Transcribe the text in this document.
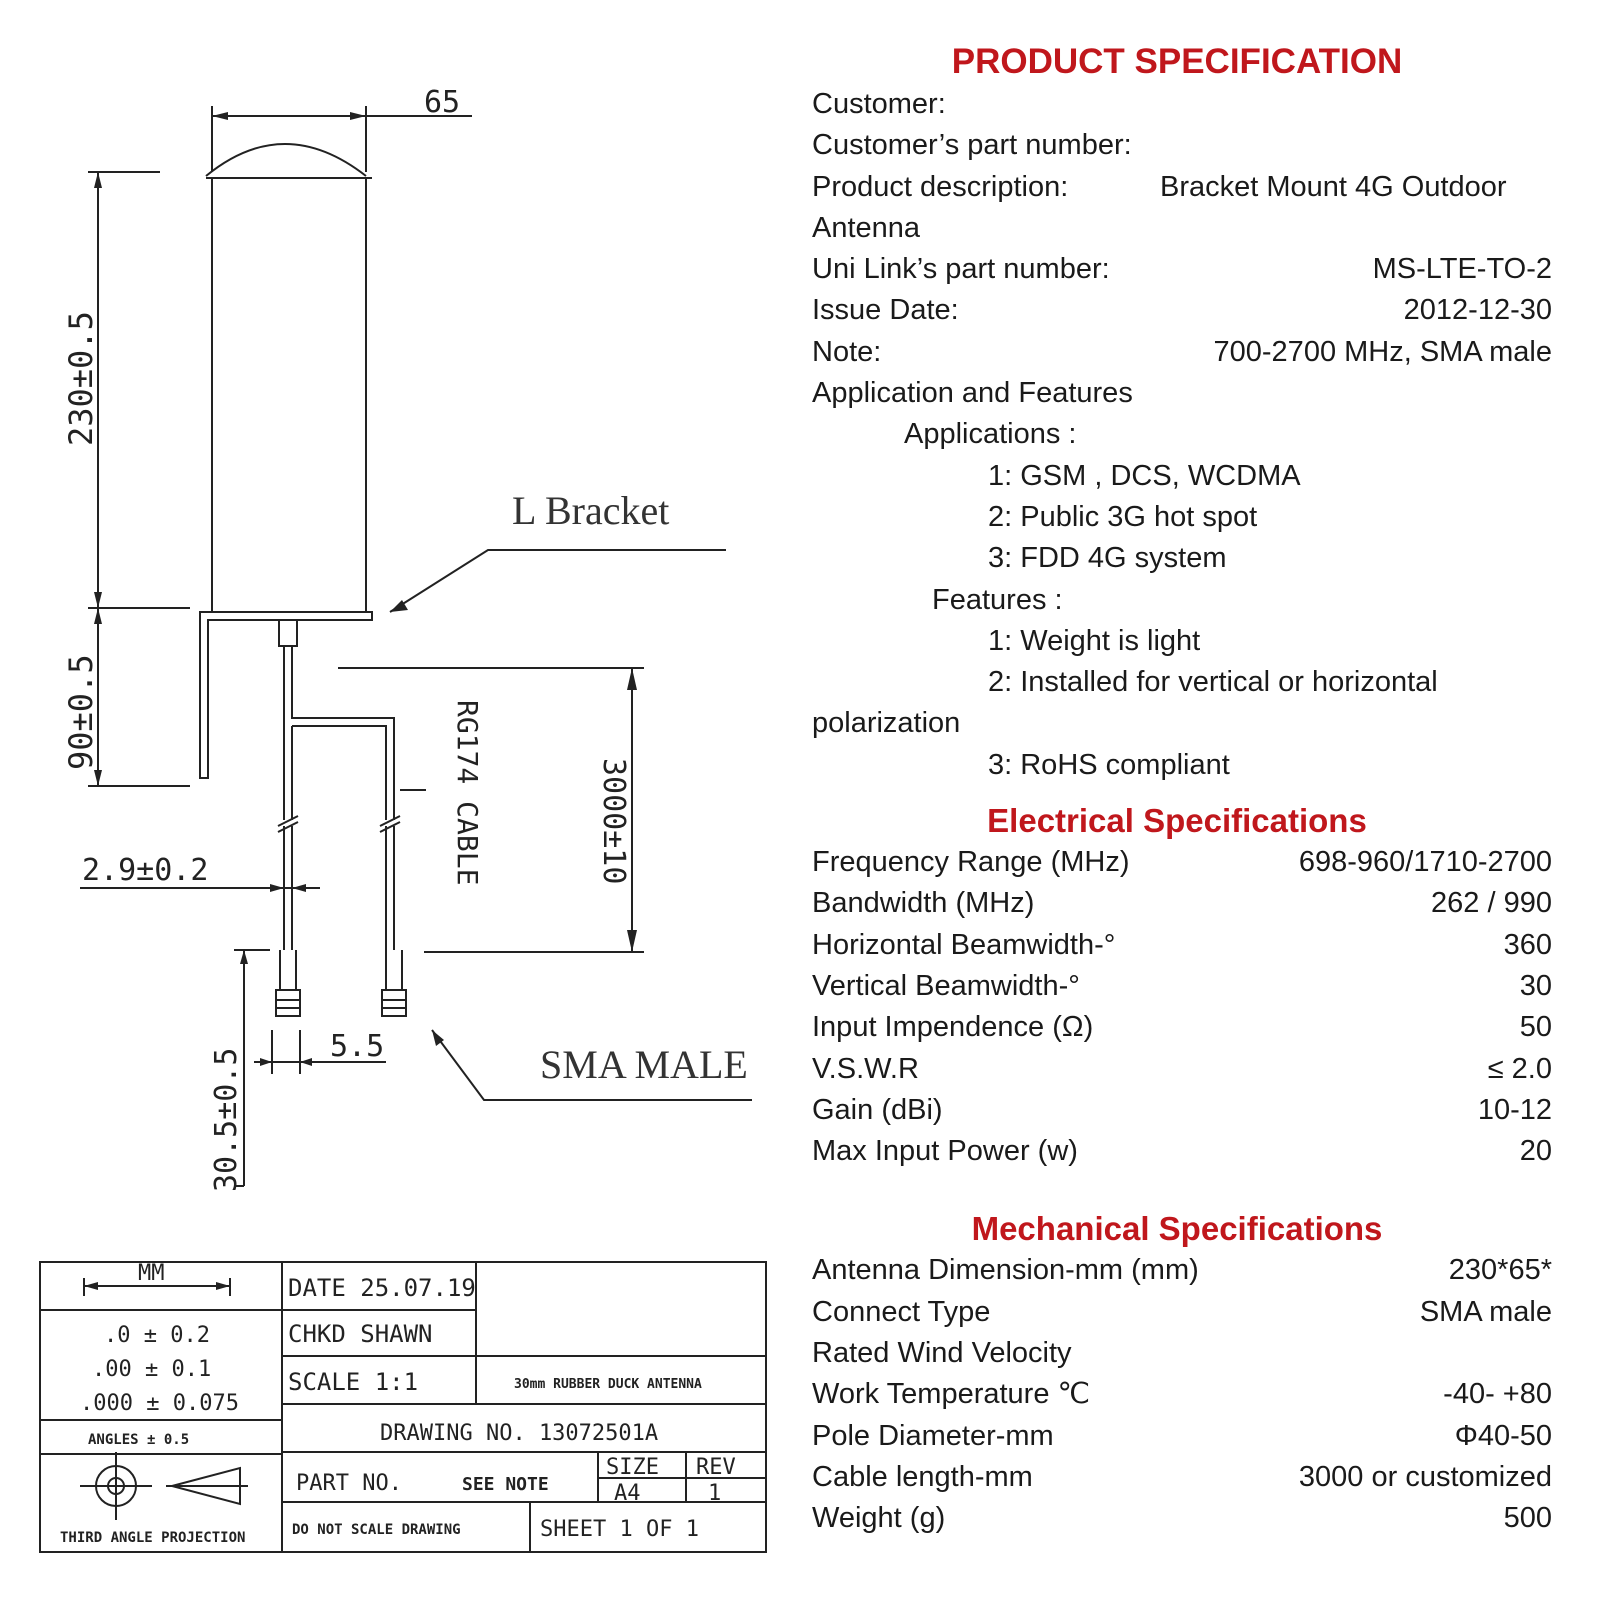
65
230±0.5
90±0.5
3000±10
2.9±0.2
30.5±0.5
5.5
L Bracket
RG174 CABLE
SMA MALE
MM
.0 ± 0.2
.00 ± 0.1
.000 ± 0.075
ANGLES ± 0.5
THIRD ANGLE PROJECTION
DATE 25.07.19
CHKD SHAWN
SCALE 1:1	30mm RUBBER DUCK ANTENNA
DRAWING NO. 13072501A
PART NO.	SEE NOTE
SIZE
A4
REV
1
DO NOT SCALE DRAWING	SHEET 1 OF 1
PRODUCT SPECIFICATION
Customer:
Customer’s part number:
Product description:	Bracket Mount 4G Outdoor
Antenna
Uni Link’s part number:	MS-LTE-TO-2
Issue Date:	2012-12-30
Note:	700-2700 MHz, SMA male
Application and Features
Applications :
1: GSM , DCS, WCDMA
2: Public 3G hot spot
3: FDD 4G system
Features :
1: Weight is light
2: Installed for vertical or horizontal
polarization
3: RoHS compliant
Electrical Specifications
Frequency Range (MHz)	698-960/1710-2700
Bandwidth (MHz)	262 / 990
Horizontal Beamwidth-°	360
Vertical Beamwidth-°	30
Input Impendence (Ω)	50
V.S.W.R	≤ 2.0
Gain (dBi)	10-12
Max Input Power (w)	20
Mechanical Specifications
Antenna Dimension-mm (mm)	230*65*
Connect Type	SMA male
Rated Wind Velocity
Work Temperature ℃	-40- +80
Pole Diameter-mm	Φ40-50
Cable length-mm	3000 or customized
Weight (g)	500
